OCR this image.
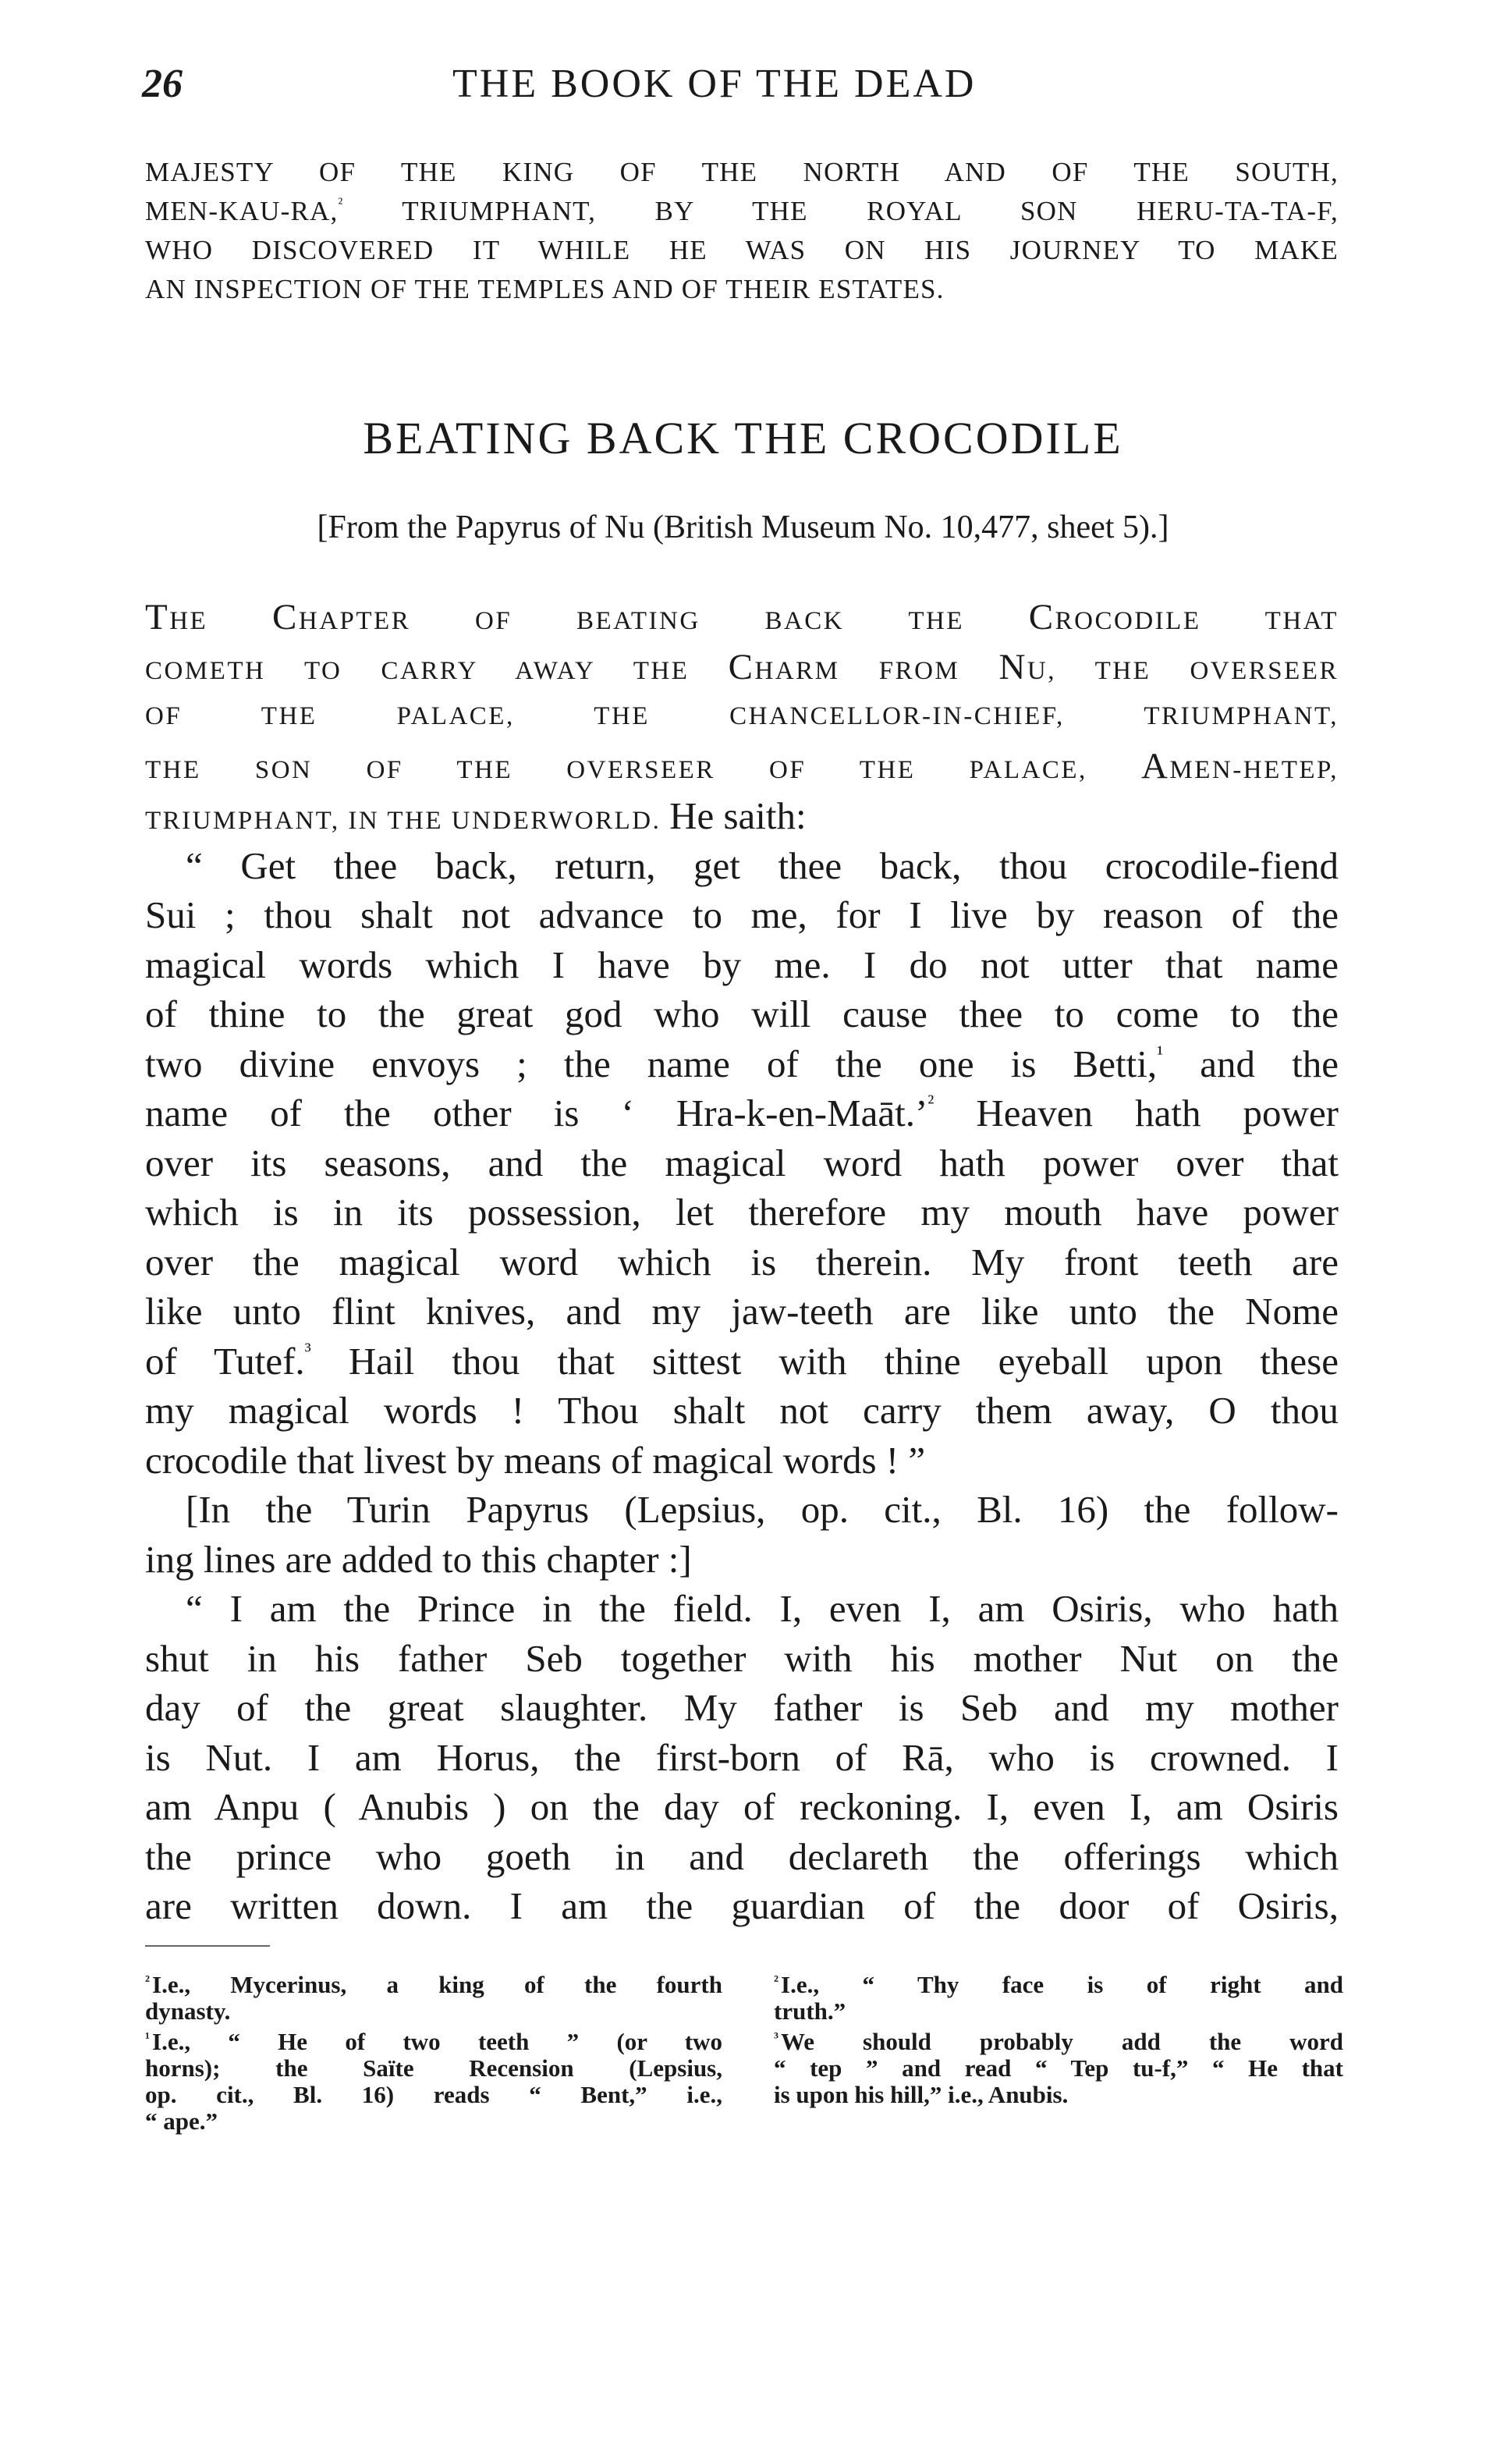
26	THE BOOK OF THE DEAD
MAJESTY OF THE KING OF THE NORTH AND OF THE SOUTH,
MEN-KAU-RA,$^{^2}$ TRIUMPHANT, BY THE ROYAL SON HERU-TA-TA-F,
WHO DISCOVERED IT WHILE HE WAS ON HIS JOURNEY TO MAKE
AN INSPECTION OF THE TEMPLES AND OF THEIR ESTATES.
BEATING BACK THE CROCODILE
[From the Papyrus of Nu (British Museum No. 10,477, sheet 5).]
THE CHAPTER OF BEATING BACK THE CROCODILE THAT
COMETH TO CARRY AWAY THE CHARM FROM NU, THE OVERSEER
OF THE PALACE, THE CHANCELLOR-IN-CHIEF, TRIUMPHANT,
THE SON OF THE OVERSEER OF THE PALACE, AMEN-HETEP,
TRIUMPHANT, IN THE UNDERWORLD. He saith:
“ Get thee back, return, get thee back, thou crocodile-fiend
Sui ; thou shalt not advance to me, for I live by reason of the
magical words which I have by me. I do not utter that name
of thine to the great god who will cause thee to come to the
two divine envoys ; the name of the one is Betti,$^{^1}$ and the
name of the other is ‘ Hra-k-en-Maāt.’$^{^2}$ Heaven hath power
over its seasons, and the magical word hath power over that
which is in its possession, let therefore my mouth have power
over the magical word which is therein. My front teeth are
like unto flint knives, and my jaw-teeth are like unto the Nome
of Tutef.$^{^3}$ Hail thou that sittest with thine eyeball upon these
my magical words ! Thou shalt not carry them away, O thou
crocodile that livest by means of magical words ! ”
[In the Turin Papyrus (Lepsius, op. cit., Bl. 16) the follow-
ing lines are added to this chapter :]
“ I am the Prince in the field. I, even I, am Osiris, who hath
shut in his father Seb together with his mother Nut on the
day of the great slaughter. My father is Seb and my mother
is Nut. I am Horus, the first-born of Rā, who is crowned. I
am Anpu ( Anubis ) on the day of reckoning. I, even I, am Osiris
the prince who goeth in and declareth the offerings which
are written down. I am the guardian of the door of Osiris,
$^{^2}$I.e., Mycerinus, a king of the fourth
dynasty.
$^{^1}$I.e., “ He of two teeth ” (or two
horns); the Saïte Recension (Lepsius,
op. cit., Bl. 16) reads “ Bent,” i.e.,
“ ape.”
$^{^2}$I.e., “ Thy face is of right and
truth.”
$^{^3}$We should probably add the word
“ tep ” and read “ Tep tu-f,” “ He that
is upon his hill,” i.e., Anubis.
